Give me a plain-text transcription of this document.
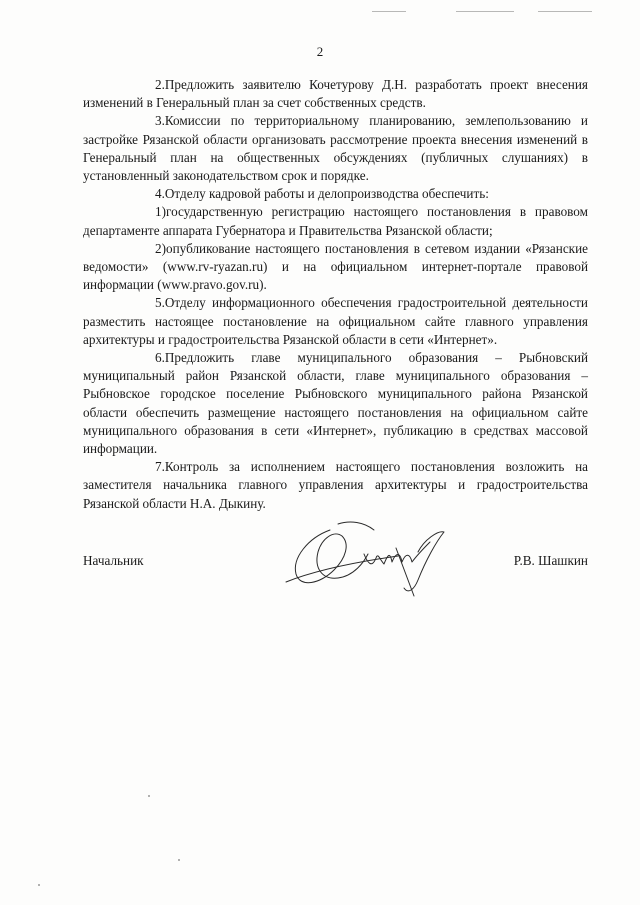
2

2.Предложить заявителю Кочетурову Д.Н. разработать проект внесения изменений в Генеральный план за счет собственных средств.

3.Комиссии по территориальному планированию, землепользованию и застройке Рязанской области организовать рассмотрение проекта внесения изменений в Генеральный план на общественных обсуждениях (публичных слушаниях) в установленный законодательством срок и порядке.

4.Отделу кадровой работы и делопроизводства обеспечить:

1)государственную регистрацию настоящего постановления в правовом департаменте аппарата Губернатора и Правительства Рязанской области;

2)опубликование настоящего постановления в сетевом издании «Рязанские ведомости» (www.rv-ryazan.ru) и на официальном интернет-портале правовой информации (www.pravo.gov.ru).

5.Отделу информационного обеспечения градостроительной деятельности разместить настоящее постановление на официальном сайте главного управления архитектуры и градостроительства Рязанской области в сети «Интернет».

6.Предложить главе муниципального образования – Рыбновский муниципальный район Рязанской области, главе муниципального образования – Рыбновское городское поселение Рыбновского муниципального района Рязанской области обеспечить размещение настоящего постановления на официальном сайте муниципального образования в сети «Интернет», публикацию в средствах массовой информации.

7.Контроль за исполнением настоящего постановления возложить на заместителя начальника главного управления архитектуры и градостроительства Рязанской области Н.А. Дыкину.

Начальник	Р.В. Шашкин
